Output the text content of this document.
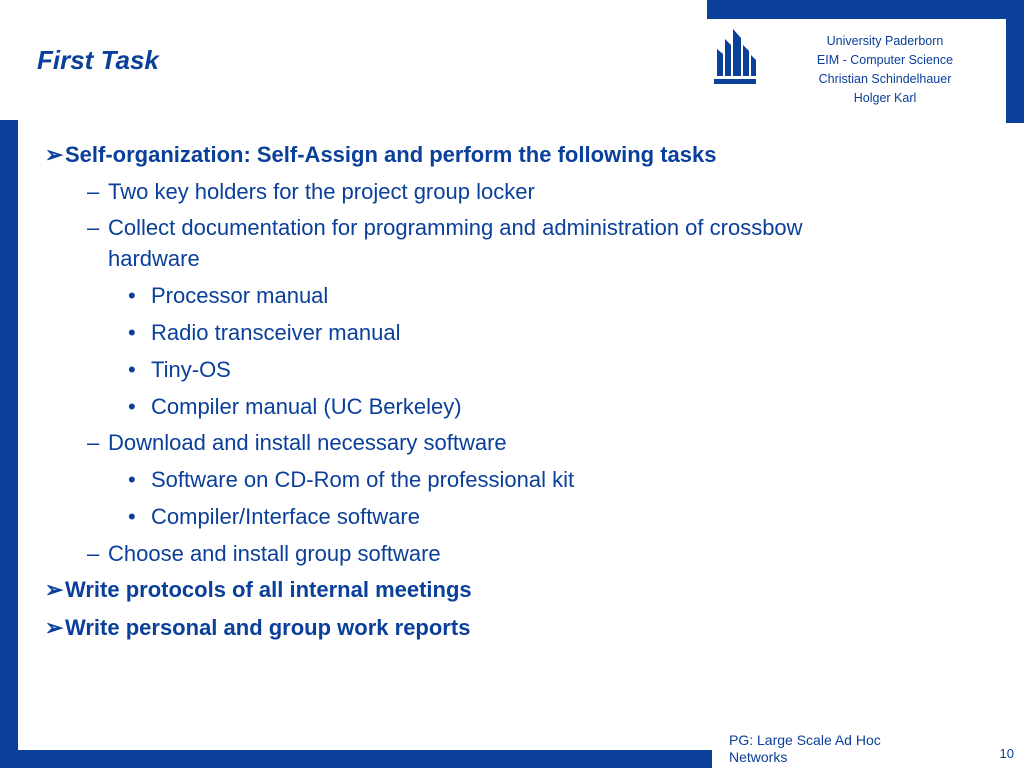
First Task
University Paderborn
EIM - Computer Science
Christian Schindelhauer
Holger Karl
➢Self-organization: Self-Assign and perform the following tasks
– Two key holders for the project group locker
– Collect documentation for programming and administration of crossbow
hardware
• Processor manual
• Radio transceiver manual
• Tiny-OS
• Compiler manual (UC Berkeley)
– Download and install necessary software
• Software on CD-Rom of the professional kit
• Compiler/Interface software
– Choose and install group software
➢Write protocols of all internal meetings
➢Write personal and group work reports
PG: Large Scale Ad Hoc Networks	10
